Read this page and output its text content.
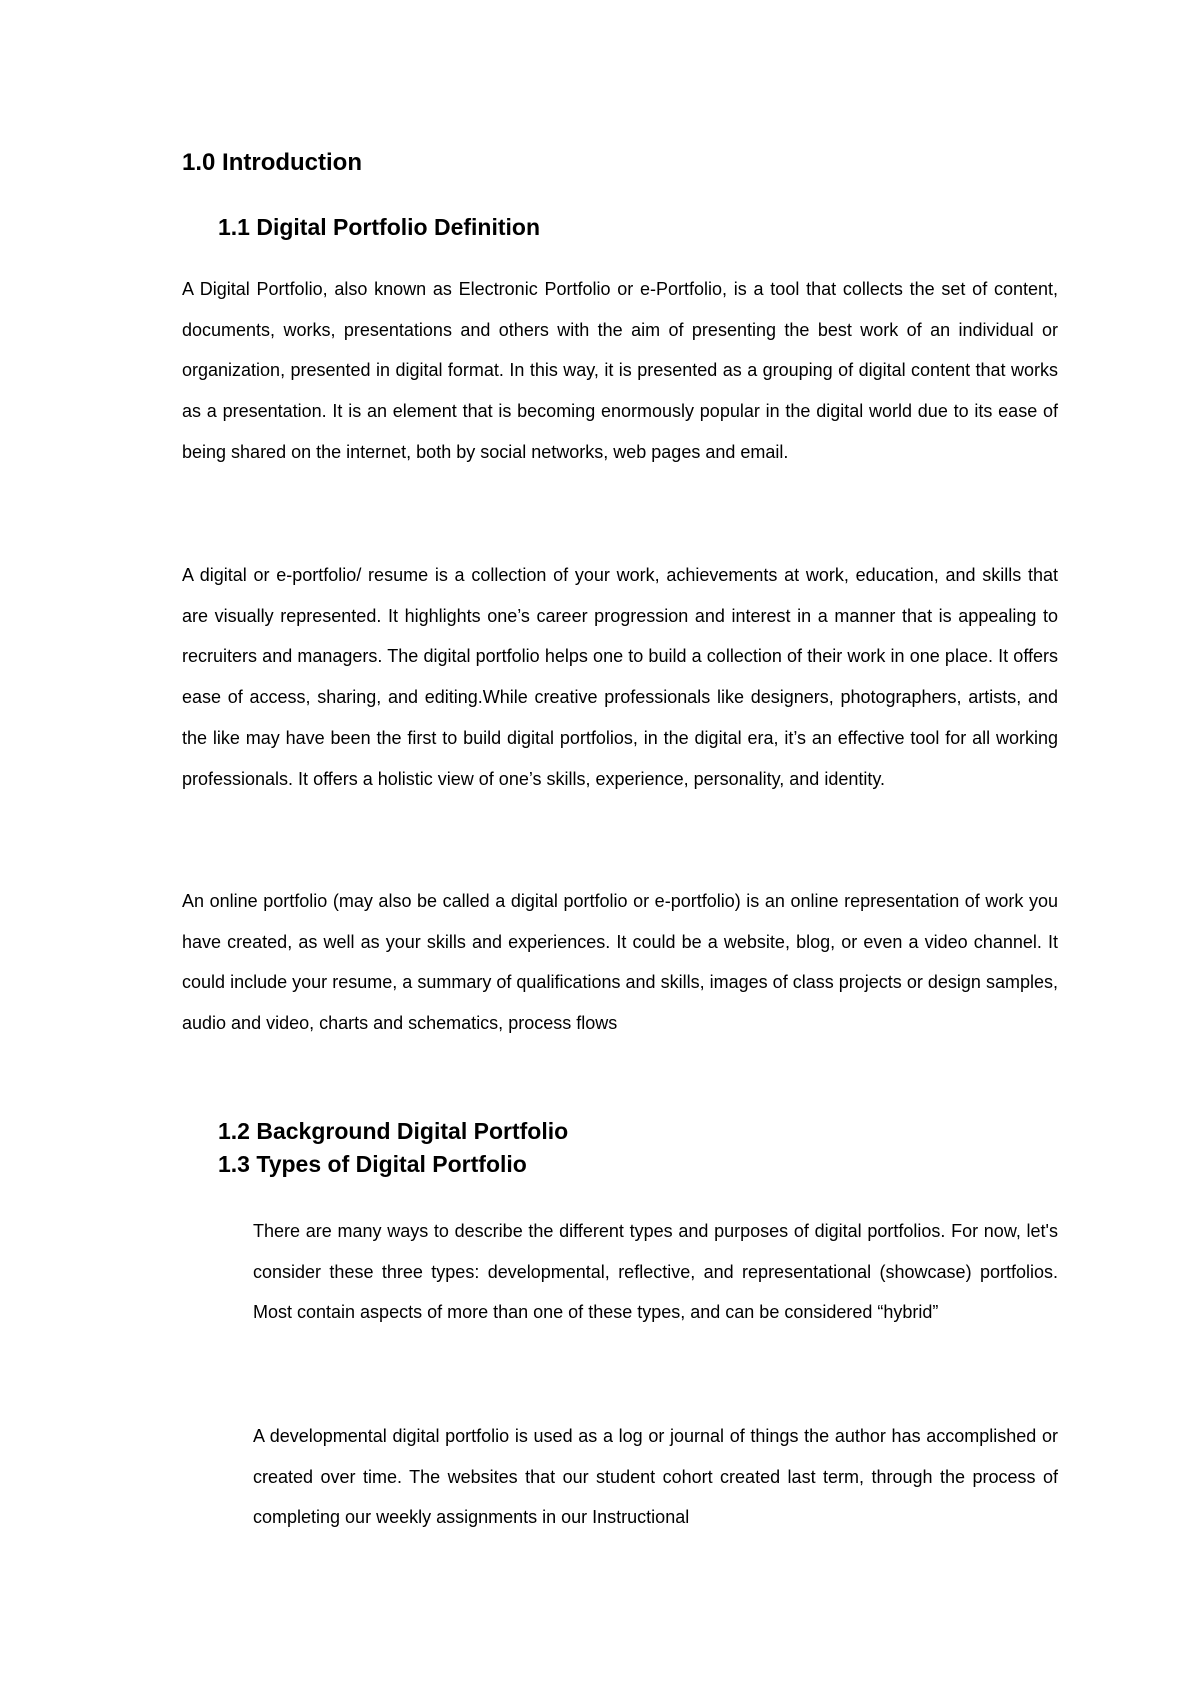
1.0 Introduction
1.1 Digital Portfolio Definition

A Digital Portfolio, also known as Electronic Portfolio or e-Portfolio, is a tool that collects the set of content, documents, works, presentations and others with the aim of presenting the best work of an individual or organization, presented in digital format. In this way, it is presented as a grouping of digital content that works as a presentation. It is an element that is becoming enormously popular in the digital world due to its ease of being shared on the internet, both by social networks, web pages and email.

A digital or e-portfolio/ resume is a collection of your work, achievements at work, education, and skills that are visually represented. It highlights one’s career progression and interest in a manner that is appealing to recruiters and managers. The digital portfolio helps one to build a collection of their work in one place. It offers ease of access, sharing, and editing.While creative professionals like designers, photographers, artists, and the like may have been the first to build digital portfolios, in the digital era, it’s an effective tool for all working professionals. It offers a holistic view of one’s skills, experience, personality, and identity.

An online portfolio (may also be called a digital portfolio or e-portfolio) is an online representation of work you have created, as well as your skills and experiences. It could be a website, blog, or even a video channel. It could include your resume, a summary of qualifications and skills, images of class projects or design samples, audio and video, charts and schematics, process flows

1.2 Background Digital Portfolio
1.3 Types of Digital Portfolio

There are many ways to describe the different types and purposes of digital portfolios. For now, let's consider these three types: developmental, reflective, and representational (showcase) portfolios. Most contain aspects of more than one of these types, and can be considered “hybrid”

A developmental digital portfolio is used as a log or journal of things the author has accomplished or created over time. The websites that our student cohort created last term, through the process of completing our weekly assignments in our Instructional
